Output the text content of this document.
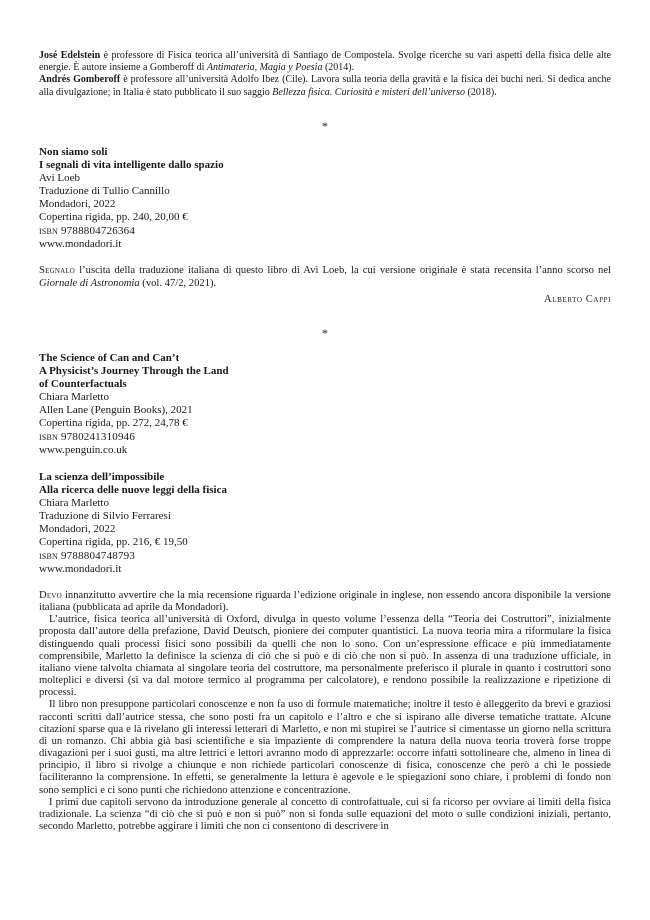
José Edelstein è professore di Fisica teorica all’università di Santiago de Compostela. Svolge ricerche su vari aspetti della fisica delle alte energie. È autore insieme a Gomberoff di Antimateria, Magia y Poesia (2014).

Andrés Gomberoff è professore all’università Adolfo Ibez (Cile). Lavora sulla teoria della gravità e la fisica dei buchi neri. Si dedica anche alla divulgazione; in Italia è stato pubblicato il suo saggio Bellezza fisica. Curiosità e misteri dell’universo (2018).

*
Non siamo soli
I segnali di vita intelligente dallo spazio
Avi Loeb
Traduzione di Tullio Cannillo
Mondadori, 2022
Copertina rigida, pp. 240, 20,00 €
isbn 9788804726364
www.mondadori.it

Segnalo l’uscita della traduzione italiana di questo libro di Avi Loeb, la cui versione originale è stata recensita l’anno scorso nel Giornale di Astronomia (vol. 47/2, 2021).

Alberto Cappi
*
The Science of Can and Can’t
A Physicist’s Journey Through the Land
of Counterfactuals
Chiara Marletto
Allen Lane (Penguin Books), 2021
Copertina rigida, pp. 272, 24,78 €
isbn 9780241310946
www.penguin.co.uk
La scienza dell’impossibile
Alla ricerca delle nuove leggi della fisica
Chiara Marletto
Traduzione di Silvio Ferraresi
Mondadori, 2022
Copertina rigida, pp. 216, € 19,50
isbn 9788804748793
www.mondadori.it

Devo innanzitutto avvertire che la mia recensione riguarda l’edizione originale in inglese, non essendo ancora disponibile la versione italiana (pubblicata ad aprile da Mondadori).

L’autrice, fisica teorica all’università di Oxford, divulga in questo volume l’essenza della “Teoria dei Costruttori”, inizialmente proposta dall’autore della prefazione, David Deutsch, pioniere dei computer quantistici. La nuova teoria mira a riformulare la fisica distinguendo quali processi fisici sono possibili da quelli che non lo sono. Con un’espressione efficace e più immediatamente comprensibile, Marletto la definisce la scienza di ciò che si può e di ciò che non si può. In assenza di una traduzione ufficiale, in italiano viene talvolta chiamata al singolare teoria del costruttore, ma personalmente preferisco il plurale in quanto i costruttori sono molteplici e diversi (si va dal motore termico al programma per calcolatore), e rendono possibile la realizzazione e ripetizione di processi.

Il libro non presuppone particolari conoscenze e non fa uso di formule matematiche; inoltre il testo è alleggerito da brevi e graziosi racconti scritti dall’autrice stessa, che sono posti fra un capitolo e l’altro e che si ispirano alle diverse tematiche trattate. Alcune citazioni sparse qua e là rivelano gli interessi letterari di Marletto, e non mi stupirei se l’autrice si cimentasse un giorno nella scrittura di un romanzo. Chi abbia già basi scientifiche e sia impaziente di comprendere la natura della nuova teoria troverà forse troppe divagazioni per i suoi gusti, ma altre lettrici e lettori avranno modo di apprezzarle: occorre infatti sottolineare che, almeno in linea di principio, il libro si rivolge a chiunque e non richiede particolari conoscenze di fisica, conoscenze che però a chi le possiede faciliteranno la comprensione. In effetti, se generalmente la lettura è agevole e le spiegazioni sono chiare, i problemi di fondo non sono semplici e ci sono punti che richiedono attenzione e concentrazione.

I primi due capitoli servono da introduzione generale al concetto di controfattuale, cui si fa ricorso per ovviare ai limiti della fisica tradizionale. La scienza “di ciò che si può e non si può” non si fonda sulle equazioni del moto o sulle condizioni iniziali, pertanto, secondo Marletto, potrebbe aggirare i limiti che non ci consentono di descrivere in
